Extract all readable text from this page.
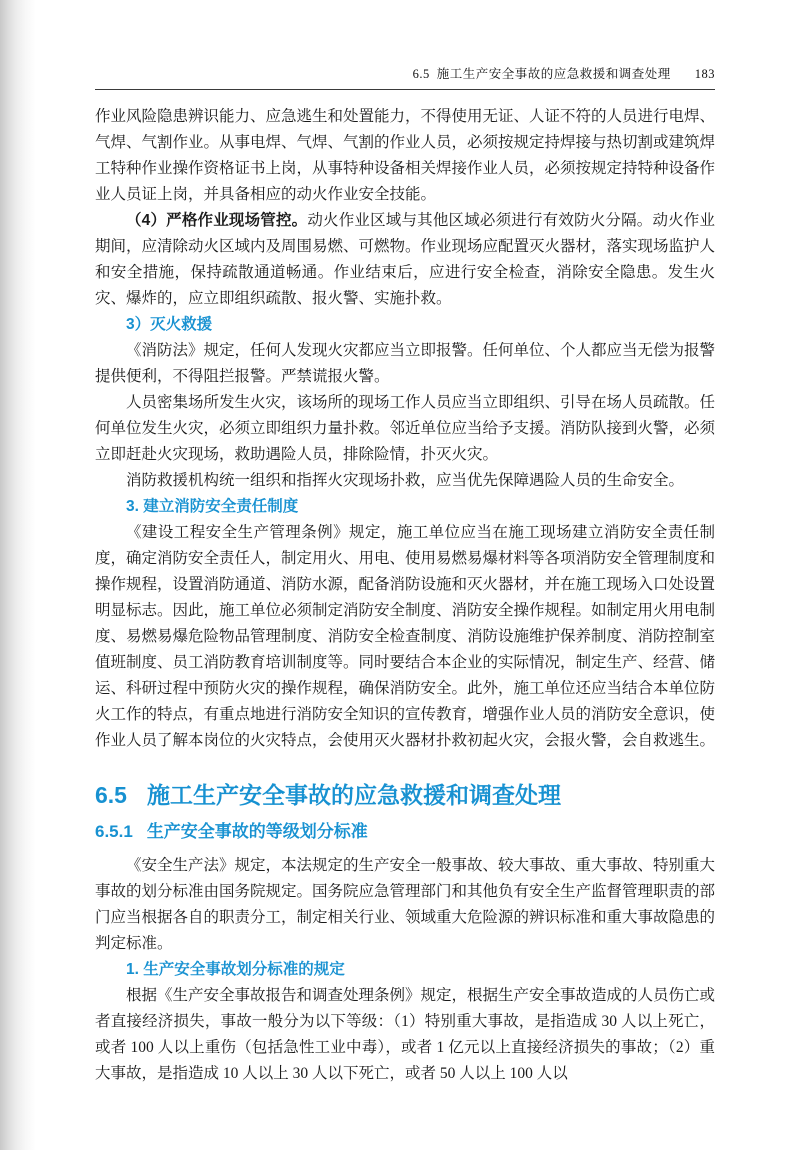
6.5 施工生产安全事故的应急救援和调查处理 183

作业风险隐患辨识能力、应急逃生和处置能力，不得使用无证、人证不符的人员进行电焊、气焊、气割作业。从事电焊、气焊、气割的作业人员，必须按规定持焊接与热切割或建筑焊工特种作业操作资格证书上岗，从事特种设备相关焊接作业人员，必须按规定持特种设备作业人员证上岗，并具备相应的动火作业安全技能。

（4）严格作业现场管控。动火作业区域与其他区域必须进行有效防火分隔。动火作业期间，应清除动火区域内及周围易燃、可燃物。作业现场应配置灭火器材，落实现场监护人和安全措施，保持疏散通道畅通。作业结束后，应进行安全检查，消除安全隐患。发生火灾、爆炸的，应立即组织疏散、报火警、实施扑救。

3）灭火救援

《消防法》规定，任何人发现火灾都应当立即报警。任何单位、个人都应当无偿为报警提供便利，不得阻拦报警。严禁谎报火警。

人员密集场所发生火灾，该场所的现场工作人员应当立即组织、引导在场人员疏散。任何单位发生火灾，必须立即组织力量扑救。邻近单位应当给予支援。消防队接到火警，必须立即赶赴火灾现场，救助遇险人员，排除险情，扑灭火灾。

消防救援机构统一组织和指挥火灾现场扑救，应当优先保障遇险人员的生命安全。

3. 建立消防安全责任制度

《建设工程安全生产管理条例》规定，施工单位应当在施工现场建立消防安全责任制度，确定消防安全责任人，制定用火、用电、使用易燃易爆材料等各项消防安全管理制度和操作规程，设置消防通道、消防水源，配备消防设施和灭火器材，并在施工现场入口处设置明显标志。因此，施工单位必须制定消防安全制度、消防安全操作规程。如制定用火用电制度、易燃易爆危险物品管理制度、消防安全检查制度、消防设施维护保养制度、消防控制室值班制度、员工消防教育培训制度等。同时要结合本企业的实际情况，制定生产、经营、储运、科研过程中预防火灾的操作规程，确保消防安全。此外，施工单位还应当结合本单位防火工作的特点，有重点地进行消防安全知识的宣传教育，增强作业人员的消防安全意识，使作业人员了解本岗位的火灾特点，会使用灭火器材扑救初起火灾，会报火警，会自救逃生。

6.5 施工生产安全事故的应急救援和调查处理
6.5.1 生产安全事故的等级划分标准

《安全生产法》规定，本法规定的生产安全一般事故、较大事故、重大事故、特别重大事故的划分标准由国务院规定。国务院应急管理部门和其他负有安全生产监督管理职责的部门应当根据各自的职责分工，制定相关行业、领域重大危险源的辨识标准和重大事故隐患的判定标准。

1. 生产安全事故划分标准的规定

根据《生产安全事故报告和调查处理条例》规定，根据生产安全事故造成的人员伤亡或者直接经济损失，事故一般分为以下等级：（1）特别重大事故，是指造成 30 人以上死亡，或者 100 人以上重伤（包括急性工业中毒），或者 1 亿元以上直接经济损失的事故；（2）重大事故，是指造成 10 人以上 30 人以下死亡，或者 50 人以上 100 人以
